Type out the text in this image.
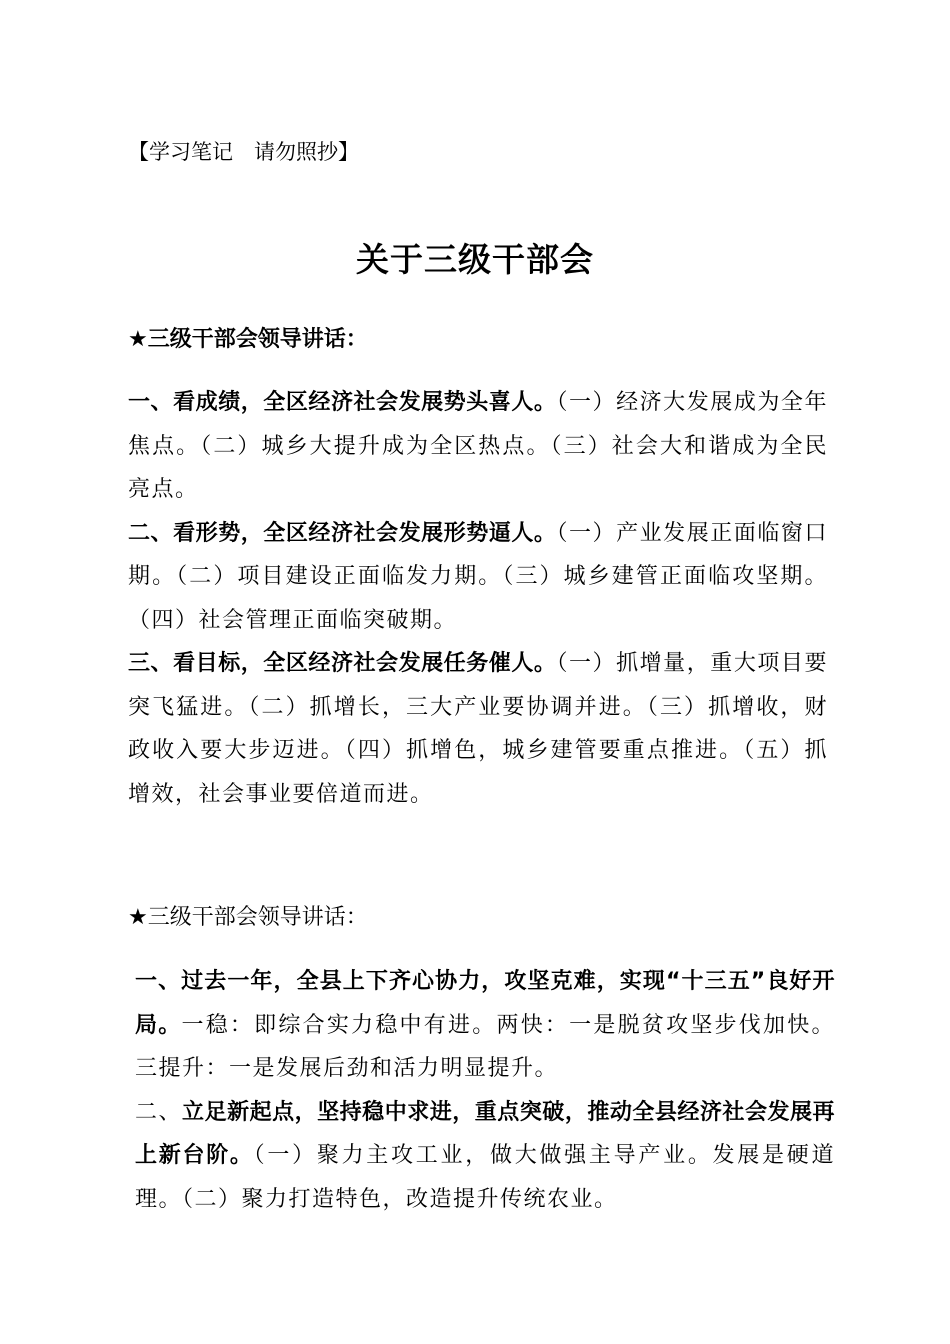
【学习笔记　请勿照抄】
关于三级干部会
★三级干部会领导讲话：

一、看成绩，全区经济社会发展势头喜人。（一）经济大发展成为全年焦点。（二）城乡大提升成为全区热点。（三）社会大和谐成为全民亮点。

二、看形势，全区经济社会发展形势逼人。（一）产业发展正面临窗口期。（二）项目建设正面临发力期。（三）城乡建管正面临攻坚期。（四）社会管理正面临突破期。

三、看目标，全区经济社会发展任务催人。（一）抓增量，重大项目要突飞猛进。（二）抓增长，三大产业要协调并进。（三）抓增收，财政收入要大步迈进。（四）抓增色，城乡建管要重点推进。（五）抓增效，社会事业要倍道而进。

★三级干部会领导讲话：

一、过去一年，全县上下齐心协力，攻坚克难，实现“十三五”良好开局。一稳：即综合实力稳中有进。两快：一是脱贫攻坚步伐加快。三提升：一是发展后劲和活力明显提升。

二、立足新起点，坚持稳中求进，重点突破，推动全县经济社会发展再上新台阶。（一）聚力主攻工业，做大做强主导产业。发展是硬道理。（二）聚力打造特色，改造提升传统农业。
